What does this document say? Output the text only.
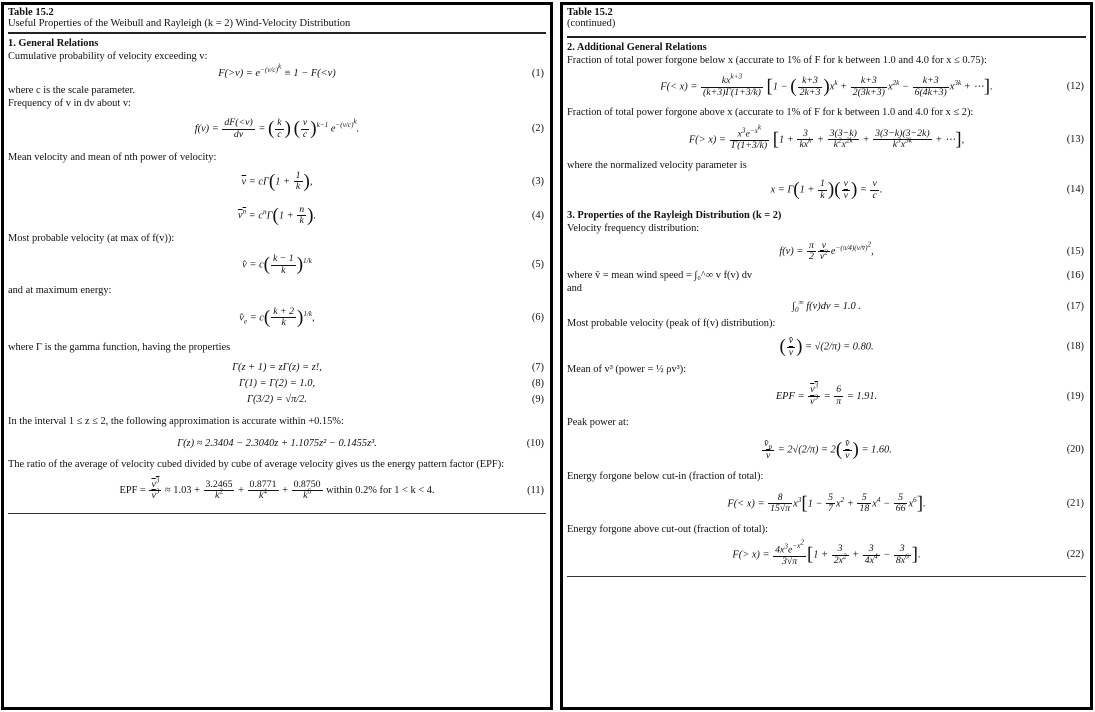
Table 15.2
Useful Properties of the Weibull and Rayleigh (k = 2) Wind-Velocity Distribution
1. General Relations

Cumulative probability of velocity exceeding v:

$F(>v) = e^{-(v/c)^k} \equiv 1 - F(<v)$	(1)

where c is the scale parameter.

Frequency of v in dv about v:

$f(v) = \frac{dF(<v)}{dv}$ = ( $\frac{k}{c}$ ) ( $\frac{v}{c} )^{k-1}$ $e^{-(v/c)^k}$.	(2)

Mean velocity and mean of nth power of velocity:

$\overline{v} = c\Gamma(1 + \frac{1}{k}$ ),	(3)
$v^n = c^n\Gamma(1 + \frac{n}{k}$ ).	(4)

Most probable velocity (at max of f(v)):

v̂ = $c( \frac{k - 1}{k} )^{1/k}$	(5)

and at maximum energy:

$v̂_e = c( \frac{k + 2}{k} )^{1/k}$,	(6)

where Γ is the gamma function, having the properties

Γ(z + 1) = zΓ(z) = z!,	(7)
Γ(1) = Γ(2) = 1.0,	(8)
Γ(3/2) = √π/2.	(9)

In the interval 1 ≤ z ≤ 2, the following approximation is accurate within +0.15%:

Γ(z) ≈ 2.3404 − 2.3040z + 1.1075z² − 0.1455z³.	(10)

The ratio of the average of velocity cubed divided by cube of average velocity gives us the energy pattern factor (EPF):

EPF = $\frac{v^3}{\overline{v}^3} \approx 1.03 + \frac{3.2465}{k^2} + \frac{0.8771}{k^4} + \frac{0.8750}{k^6}$ within 0.2% for 1 < k < 4.	(11)
Table 15.2
(continued)
2. Additional General Relations

Fraction of total power forgone below x (accurate to 1% of F for k between 1.0 and 4.0 for x ≤ 0.75):

$F(< x) = \frac{kx^{k+3}}{(k+3)\Gamma(1+3/k)} [1$ − ( $\frac{k+3}{2k+3} )x^k + \frac{k+3}{2(3k+3)} x^{2k} - \frac{k+3}{6(4k+3)} x^{3k}$ + ⋯].	(12)

Fraction of total power forgone above x (accurate to 1% of F for k between 1.0 and 4.0 for x ≤ 2):

$F(> x) = \frac{x^3e^{-x^k}}{\Gamma(1+3/k)} [1 + \frac{3}{kx^k} + \frac{3(3-k)}{k^2x^{2k}} + \frac{3(3-k)(3-2k)}{k^3x^{3k}}$ + ⋯],	(13)

where the normalized velocity parameter is

$x = \Gamma(1 + \frac{1}{k}$ )( $\frac{v}{v}$ ) = $\frac{v}{c}$ .	(14)
3. Properties of the Rayleigh Distribution (k = 2)

Velocity frequency distribution:

$f(v) = \frac{\pi}{2} \frac{v}{\overline{v}^2} e^{-(\pi/4)(v/v̄)^2}$,	(15)
where v̄ = mean wind speed = ∫₀^∞ v f(v) dv	(16)

and

$\int_0^\infty$ f(v)dv = 1.0 .	(17)

Most probable velocity (peak of f(v) distribution):

( $\frac{v̂}{v}$ ) = √(2/π) = 0.80.	(18)

Mean of v³ (power = ½ ρv³):

EPF = $\frac{v^3}{\overline{v}^3} = \frac{6}{\pi} = 1.91$.	(19)

Peak power at:

$\frac{v̂_p}{v} = 2√(2/\pi) = 2( \frac{v̂}{v}$ ) = 1.60.	(20)

Energy forgone below cut-in (fraction of total):

$F(< x) = \frac{8}{15√\pi} x^3[1 - \frac{5}{7} x^2 + \frac{5}{18} x^4 - \frac{5}{66} x^6]$.	(21)

Energy forgone above cut-out (fraction of total):

$F(> x) = \frac{4x^3e^{-x^2}}{3√\pi} [1 + \frac{3}{2x^2} + \frac{3}{4x^4} - \frac{3}{8x^6}$ ].	(22)
